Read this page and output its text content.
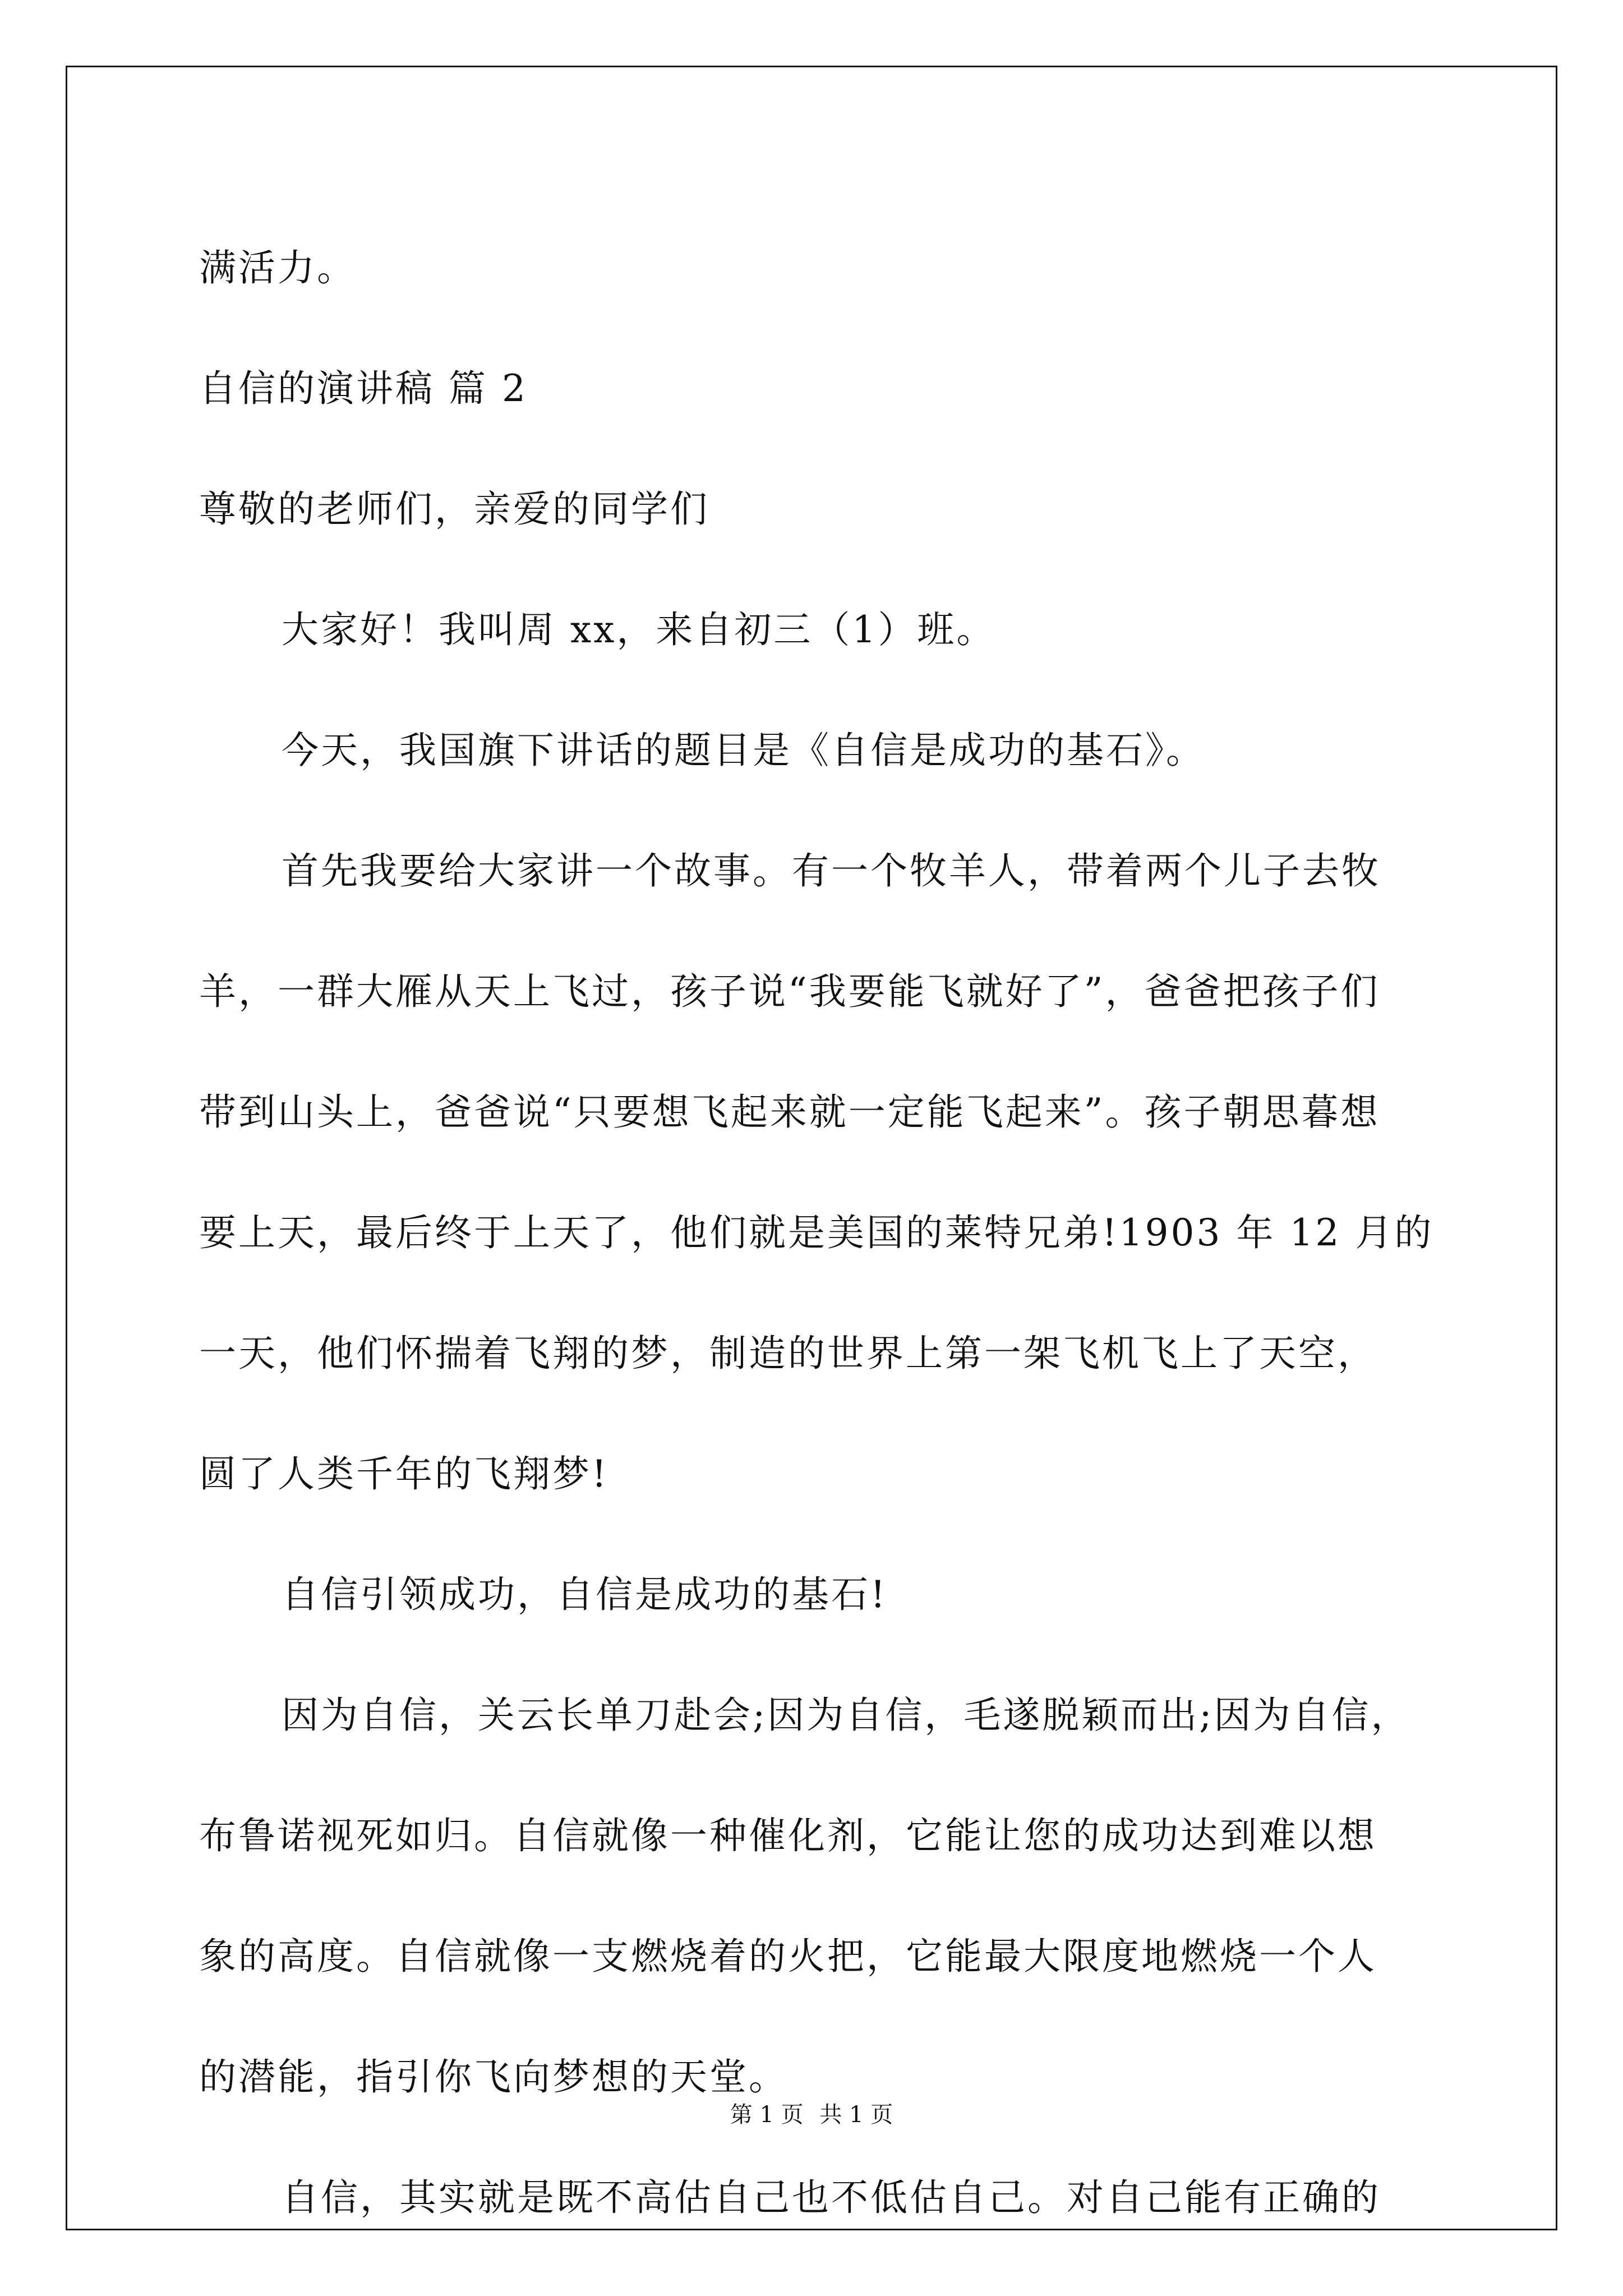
满活力。
自信的演讲稿 篇 2
尊敬的老师们，亲爱的同学们
大家好！我叫周 xx，来自初三（1）班。
今天，我国旗下讲话的题目是《自信是成功的基石》。
首先我要给大家讲一个故事。有一个牧羊人，带着两个儿子去牧
羊，一群大雁从天上飞过，孩子说“我要能飞就好了”，爸爸把孩子们
带到山头上，爸爸说“只要想飞起来就一定能飞起来”。孩子朝思暮想
要上天，最后终于上天了，他们就是美国的莱特兄弟!1903 年 12 月的
一天，他们怀揣着飞翔的梦，制造的世界上第一架飞机飞上了天空，
圆了人类千年的飞翔梦!
自信引领成功，自信是成功的基石!
因为自信，关云长单刀赴会;因为自信，毛遂脱颖而出;因为自信，
布鲁诺视死如归。自信就像一种催化剂，它能让您的成功达到难以想
象的高度。自信就像一支燃烧着的火把，它能最大限度地燃烧一个人
的潜能，指引你飞向梦想的天堂。
自信，其实就是既不高估自己也不低估自己。对自己能有正确的
第 1 页 共 1 页
